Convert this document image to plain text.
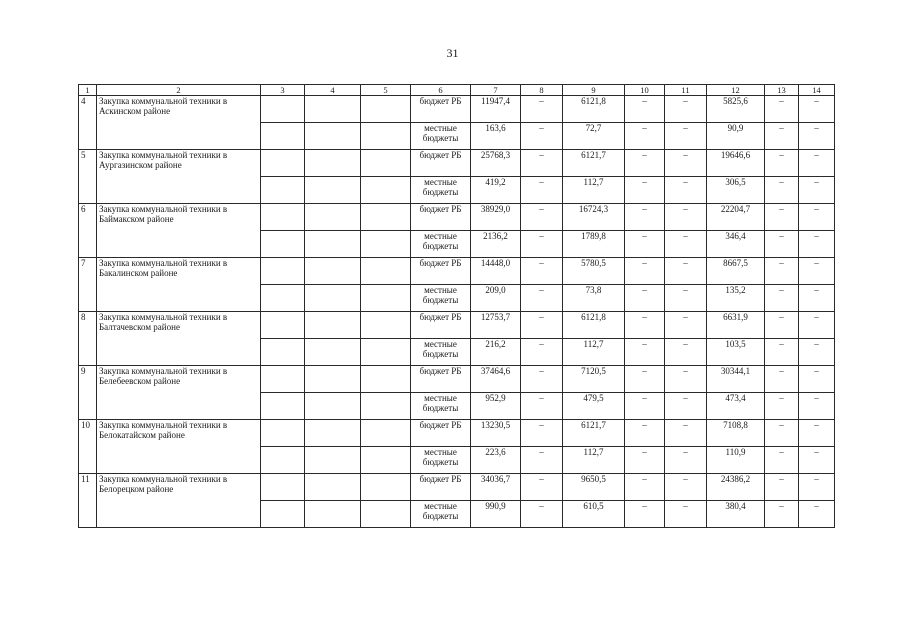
31
1	2	3	4	5	6	7	8	9	10	11	12	13	14
4	Закупка коммунальной техники в Аскинском районе				бюджет РБ	11947,4	–	6121,8	–	–	5825,6	–	–
					местные бюджеты	163,6	–	72,7	–	–	90,9	–	–
5	Закупка коммунальной техники в Аургазинском районе				бюджет РБ	25768,3	–	6121,7	–	–	19646,6	–	–
					местные бюджеты	419,2	–	112,7	–	–	306,5	–	–
6	Закупка коммунальной техники в Баймакском районе				бюджет РБ	38929,0	–	16724,3	–	–	22204,7	–	–
					местные бюджеты	2136,2	–	1789,8	–	–	346,4	–	–
7	Закупка коммунальной техники в Бакалинском районе				бюджет РБ	14448,0	–	5780,5	–	–	8667,5	–	–
					местные бюджеты	209,0	–	73,8	–	–	135,2	–	–
8	Закупка коммунальной техники в Балтачевском районе				бюджет РБ	12753,7	–	6121,8	–	–	6631,9	–	–
					местные бюджеты	216,2	–	112,7	–	–	103,5	–	–
9	Закупка коммунальной техники в Белебеевском районе				бюджет РБ	37464,6	–	7120,5	–	–	30344,1	–	–
					местные бюджеты	952,9	–	479,5	–	–	473,4	–	–
10	Закупка коммунальной техники в Белокатайском районе				бюджет РБ	13230,5	–	6121,7	–	–	7108,8	–	–
					местные бюджеты	223,6	–	112,7	–	–	110,9	–	–
11	Закупка коммунальной техники в Белорецком районе				бюджет РБ	34036,7	–	9650,5	–	–	24386,2	–	–
					местные бюджеты	990,9	–	610,5	–	–	380,4	–	–
